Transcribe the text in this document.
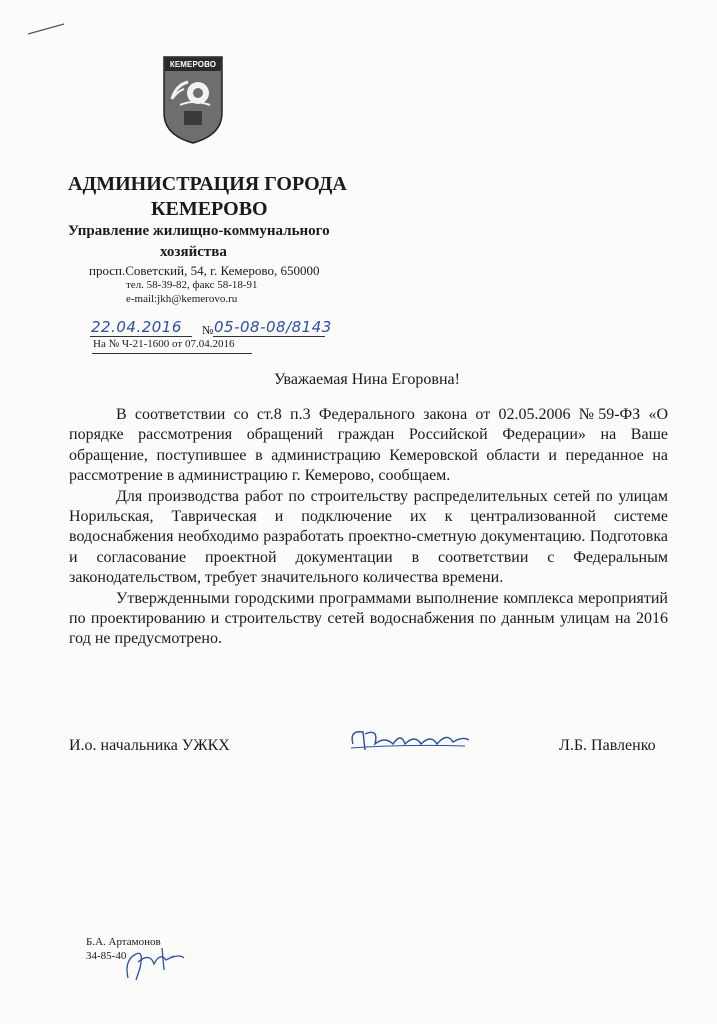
КЕМЕРОВО
АДМИНИСТРАЦИЯ ГОРОДА
КЕМЕРОВО
Управление жилищно-коммунального
хозяйства
просп.Советский, 54, г. Кемерово, 650000
тел. 58-39-82, факс 58-18-91
e-mail:jkh@kemerovo.ru
22.04.2016 № 05-08-08/8143
На № Ч-21-1600 от 07.04.2016
Уважаемая Нина Егоровна!

В соответствии со ст.8 п.3 Федерального закона от 02.05.2006 №59-ФЗ «О порядке рассмотрения обращений граждан Российской Федерации» на Ваше обращение, поступившее в администрацию Кемеровской области и переданное на рассмотрение в администрацию г. Кемерово, сообщаем.

Для производства работ по строительству распределительных сетей по улицам Норильская, Таврическая и подключение их к централизованной системе водоснабжения необходимо разработать проектно-сметную документацию. Подготовка и согласование проектной документации в соответствии с Федеральным законодательством, требует значительного количества времени.

Утвержденными городскими программами выполнение комплекса мероприятий по проектированию и строительству сетей водоснабжения по данным улицам на 2016 год не предусмотрено.

И.о. начальника УЖКХ	Л.Б. Павленко
Б.А. Артамонов
34-85-40
